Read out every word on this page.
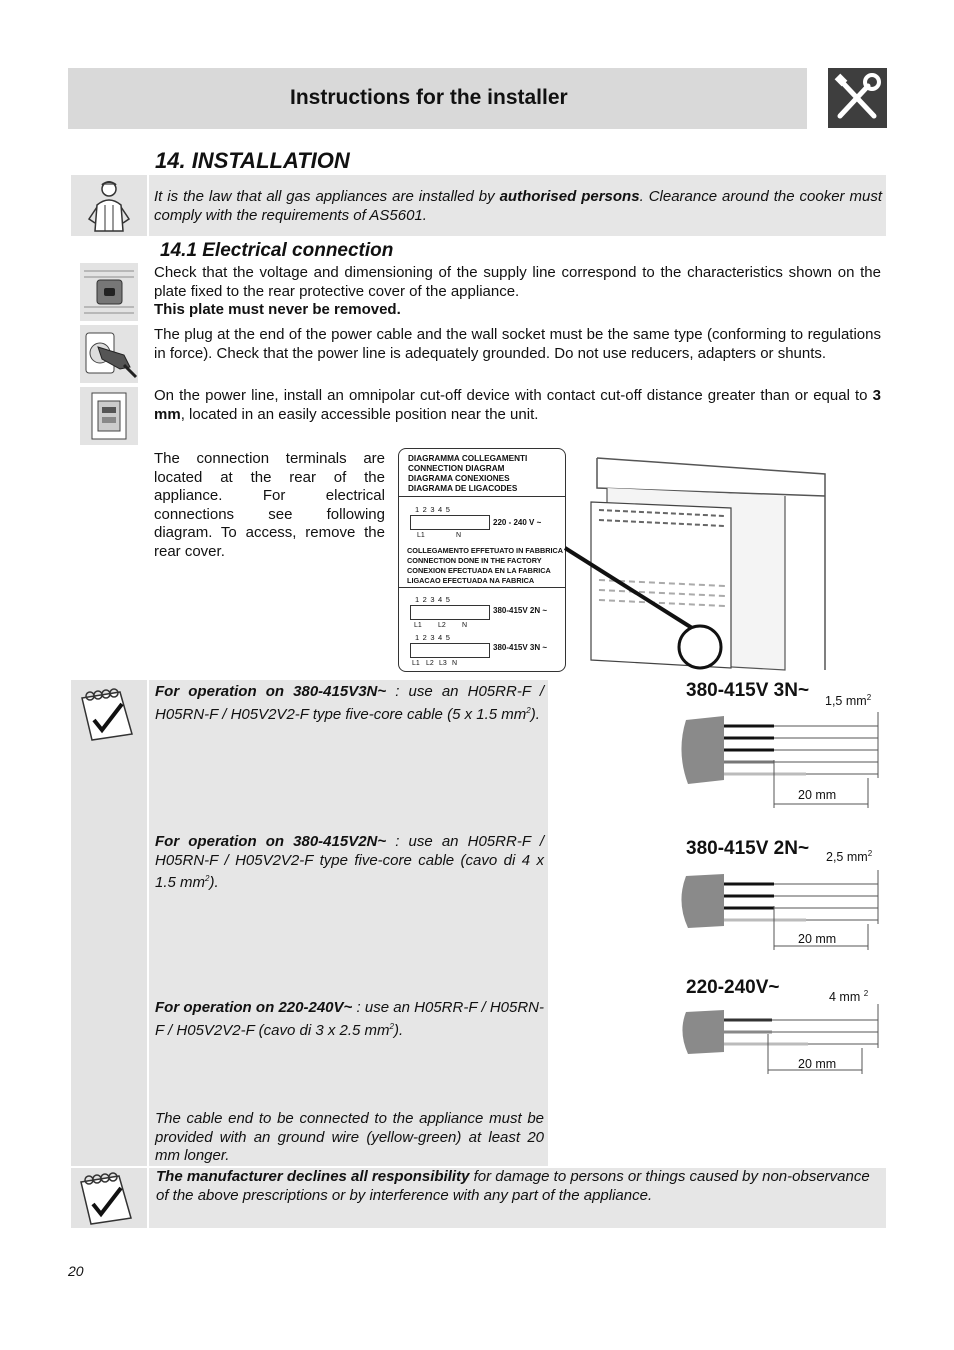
Instructions for the installer
14. INSTALLATION

It is the law that all gas appliances are installed by authorised persons. Clearance around the cooker must comply with the requirements of AS5601.

14.1 Electrical connection

Check that the voltage and dimensioning of the supply line correspond to the characteristics shown on the plate fixed to the rear protective cover of the appliance.
This plate must never be removed.

The plug at the end of the power cable and the wall socket must be the same type (conforming to regulations in force). Check that the power line is adequately grounded. Do not use reducers, adapters or shunts.

On the power line, install an omnipolar cut-off device with contact cut-off distance greater than or equal to 3 mm, located in an easily accessible position near the unit.

The connection terminals are located at the rear of the appliance. For electrical connections see following diagram. To access, remove the rear cover.

DIAGRAMMA COLLEGAMENTI
CONNECTION DIAGRAM
DIAGRAMA CONEXIONES
DIAGRAMA DE LIGACODES
12345
220 - 240 V ~
L1	N
COLLEGAMENTO EFFETUATO IN FABBRICA
CONNECTION DONE IN THE FACTORY
CONEXION EFECTUADA EN LA FABRICA
LIGACAO EFECTUADA NA FABRICA
12345
380-415V 2N ~
L1 L2 N
12345
380-415V 3N ~
L1 L2 L3 N

For operation on 380-415V3N~ : use an H05RR-F / H05RN-F / H05V2V2-F type five-core cable (5 x 1.5 $mm^2$).

For operation on 380-415V2N~ : use an H05RR-F / H05RN-F / H05V2V2-F type five-core cable (cavo di 4 x 1.5 $mm^2$).

For operation on 220-240V~ : use an H05RR-F / H05RN-F / H05V2V2-F (cavo di 3 x 2.5 $mm^2$).

The cable end to be connected to the appliance must be provided with an ground wire (yellow-green) at least 20 mm longer.

380-415V 3N~
1,5 $mm^2$
20 mm
380-415V 2N~ 2,5 $mm^2$
20 mm
220-240V~	4 mm $^2$
20 mm

The manufacturer declines all responsibility for damage to persons or things caused by non-observance of the above prescriptions or by interference with any part of the appliance.

20
